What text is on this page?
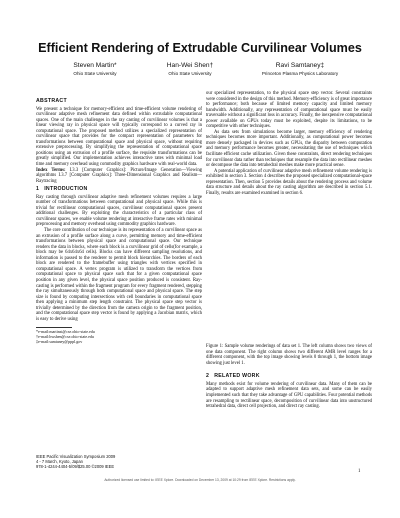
Efficient Rendering of Extrudable Curvilinear Volumes
Steven Martin*
Ohio State University
Han-Wei Shen†
Ohio State University
Ravi Samtaney‡
Princeton Plasma Physics Laboratory
ABSTRACT

We present a technique for memory-efficient and time-efficient volume rendering of curvilinear adaptive mesh refinement data defined within extrudable computational spaces. One of the main challenges in the ray casting of curvilinear volumes is that a linear viewing ray in physical space will typically correspond to a curved ray in computational space. The proposed method utilizes a specialized representation of curvilinear space that provides for the compact representation of parameters for transformations between computational space and physical space, without requiring extensive preprocessing. By simplifying the representation of computational space positions using an extrusion of a profile surface, the requisite transformations can be greatly simplified. Our implementation achieves interactive rates with minimal load time and memory overhead using commodity graphics hardware with real-world data.

Index Terms: I.3.3 [Computer Graphics]: Picture/Image Generation—Viewing algorithms I.3.7 [Computer Graphics]: Three-Dimensional Graphics and Realism—Raytracing

1 INTRODUCTION

Ray casting through curvilinear adaptive mesh refinement volumes requires a large number of transformations between computational and physical space. While this is trivial for rectilinear computational spaces, curvilinear computational spaces present additional challenges. By exploiting the characteristics of a particular class of curvilinear spaces, we enable volume rendering at interactive frame rates with minimal preprocessing and memory overhead using commodity graphics hardware.

The core contribution of our technique is its representation of a curvilinear space as an extrusion of a profile surface along a curve, permitting memory and time-efficient transformations between physical space and computational space. Our technique renders the data in blocks, where each block is a curvilinear grid of cells(for example, a block may be 64x64x64 cells). Blocks can have different sampling resolutions, and information is passed to the renderer to permit block hierarchies. The borders of each block are rendered to the framebuffer using triangles with vertices specified in computational space. A vertex program is utilized to transform the vertices from computational space to physical space such that for a given computational space position in any given level, the physical space position produced is consistent. Ray-casting is performed within the fragment program for every fragment rendered, stepping the ray simultaneously through both computational space and physical space. The step size is found by computing intersections with cell boundaries in computational space then applying a minimum step length constraint. The physical space step vector is trivially determined by the direction from the camera origin to the fragment position, and the computational space step vector is found by applying a Jacobian matrix, which is easy to derive using

*e-mail:martinst@cse.ohio-state.edu

†e-mail:hwshen@cse.ohio-state.edu

‡e-mail:samtaney@pppl.gov

our specialized representation, to the physical space step vector. Several constraints were considered in the design of this method. Memory-efficiency is of great importance to performance; both because of limited memory capacity and limited memory bandwidth. Additionally, any representation of computational space must be easily traversable without a significant loss in accuracy. Finally, the inexpensive computational power available on GPUs today must be exploited, despite its limitations, to be competitive with other techniques.

As data sets from simulations become larger, memory efficiency of rendering techniques becomes more important. Additionally, as computational power becomes more densely packaged in devices such as GPUs, the disparity between computation and memory performance becomes greater, necessitating the use of techniques which facilitate efficient cache utilization. Given these constraints, direct rendering techniques for curvilinear data rather than techniques that resample the data into rectilinear meshes or decompose the data into tetrahedral meshes make more practical sense.

A potential application of curvilinear adaptive mesh refinement volume rendering is exhibited in section 3. Section 4 describes the proposed specialized computational-space representation. Then, section 5 provides details about the rendering process and volume data structure and details about the ray casting algorithm are described in section 5.1. Finally, results are examined examined in section 6.

Figure 1: Sample volume renderings of data set 1. The left column shows two views of one data component. The right column shows two different AMR level ranges for a different component, with the top image showing levels 0 through 1, the bottom image showing just level 1.

2 RELATED WORK

Many methods exist for volume rendering of curvilinear data. Many of them can be adapted to support adaptive mesh refinement data sets, and some can be easily implemented such that they take advantage of GPU capabilities. Four potential methods are resampling to rectilinear space, decomposition of curvilinear data into unstructured tetrahedral data, direct cell projection, and direct ray casting.

IEEE Pacific Visualization Symposium 2009
4 - 7 March, Kyoto, Japan
978-1-4244-4404-5/09/$25.00 ©2009 IEEE
1
Authorized licensed use limited to: IEEE Xplore. Downloaded on December 13, 2009 at 10:29 from IEEE Xplore. Restrictions apply.
